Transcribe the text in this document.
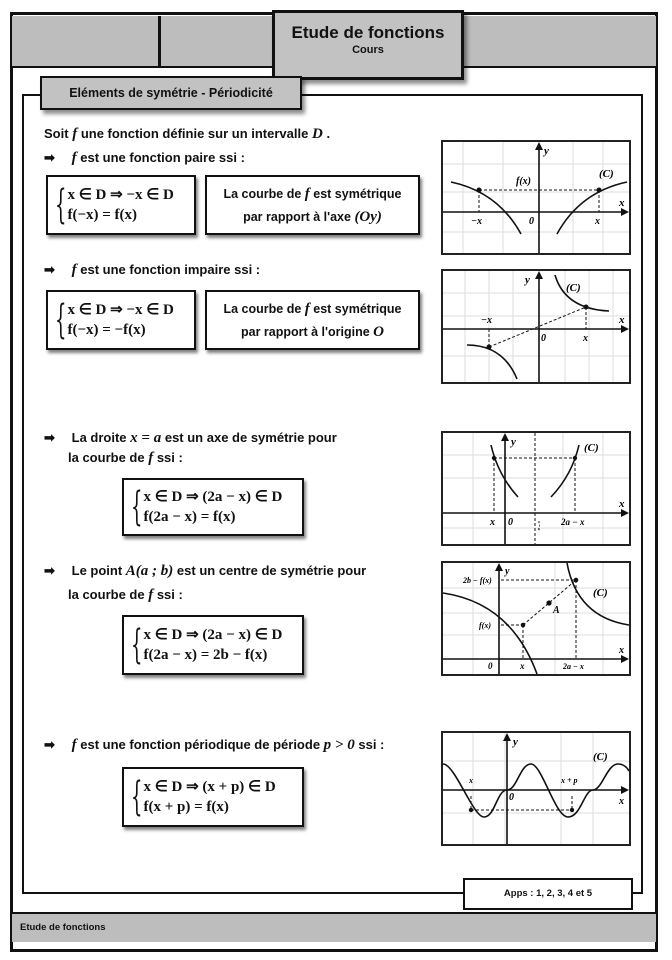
Etude de fonctions
Cours
Eléments de symétrie - Périodicité
Soit f une fonction définie sur un intervalle D .
➡ f est une fonction paire ssi :
{ x ∈ D ⇒ −x ∈ D
f(−x) = f(x)
La courbe de f est symétrique
par rapport à l'axe (Oy)
y
x
(C)
f(x)
−x	x
0
➡ f est une fonction impaire ssi :
{ x ∈ D ⇒ −x ∈ D
f(−x) = −f(x)
La courbe de f est symétrique
par rapport à l'origine O
y
x
(C)
−x
x
0
➡ La droite x = a est un axe de symétrie pour
la courbe de f ssi :
{ x ∈ D ⇒ (2a − x) ∈ D
f(2a − x) = f(x)
y
x
(C)
x 0	2a − x
x = a
➡ Le point A(a ; b) est un centre de symétrie pour
la courbe de f ssi :
{ x ∈ D ⇒ (2a − x) ∈ D
f(2a − x) = 2b − f(x)
y
x
(C)
A
f(x)
2b − f(x)
0	x	2a − x
➡ f est une fonction périodique de période p > 0 ssi :
{ x ∈ D ⇒ (x + p) ∈ D
f(x + p) = f(x)
y
x
(C)
x	x + p
0
Apps : 1, 2, 3, 4 et 5
Etude de fonctions
